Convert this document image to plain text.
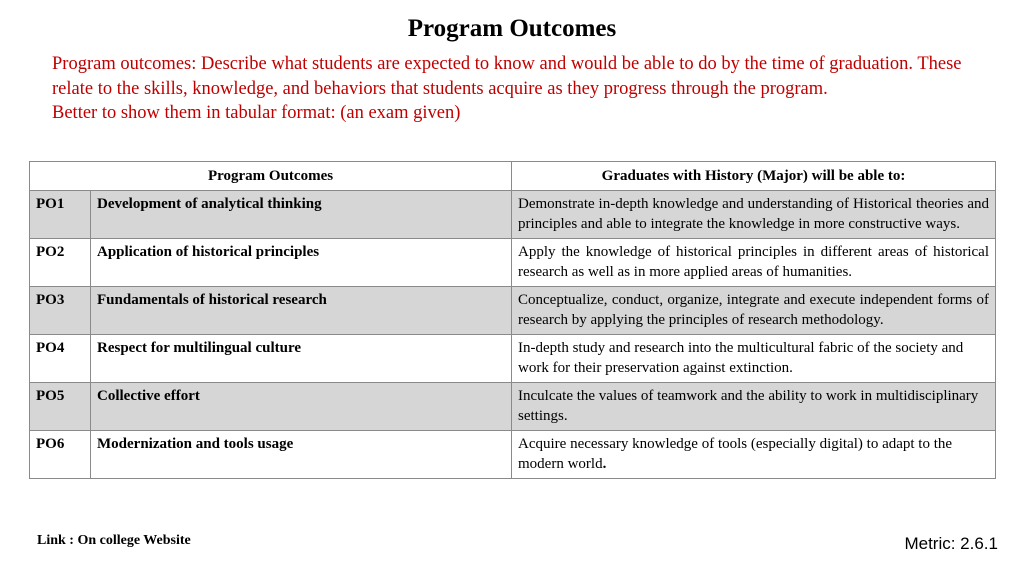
Program Outcomes

Program outcomes: Describe what students are expected to know and would be able to do by the time of graduation. These relate to the skills, knowledge, and behaviors that students acquire as they progress through the program.

Better to show them in tabular format: (an exam given)

Program Outcomes		Graduates with History (Major) will be able to:
PO1	Development of analytical thinking	Demonstrate in-depth knowledge and understanding of Historical theories and principles and able to integrate the knowledge in more constructive ways.
PO2	Application of historical principles	Apply the knowledge of historical principles in different areas of historical research as well as in more applied areas of humanities.
PO3	Fundamentals of historical research	Conceptualize, conduct, organize, integrate and execute independent forms of research by applying the principles of research methodology.
PO4	Respect for multilingual culture	In-depth study and research into the multicultural fabric of the society and work for their preservation against extinction.
PO5	Collective effort	Inculcate the values of teamwork and the ability to work in multidisciplinary settings.
PO6	Modernization and tools usage	Acquire necessary knowledge of tools (especially digital) to adapt to the modern world.
Link : On college Website	Metric: 2.6.1
